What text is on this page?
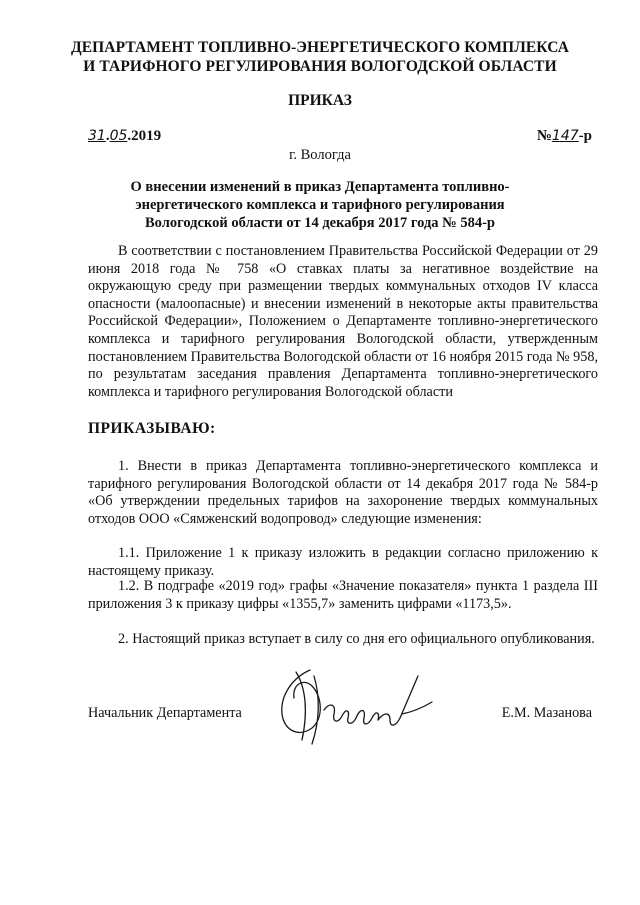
ДЕПАРТАМЕНТ ТОПЛИВНО-ЭНЕРГЕТИЧЕСКОГО КОМПЛЕКСА
И ТАРИФНОГО РЕГУЛИРОВАНИЯ ВОЛОГОДСКОЙ ОБЛАСТИ
ПРИКАЗ
31.05.2019	№147-р
г. Вологда
О внесении изменений в приказ Департамента топливно-энергетического комплекса и тарифного регулирования Вологодской области от 14 декабря 2017 года № 584-р
В соответствии с постановлением Правительства Российской Федерации от 29 июня 2018 года № 758 «О ставках платы за негативное воздействие на окружающую среду при размещении твердых коммунальных отходов IV класса опасности (малоопасные) и внесении изменений в некоторые акты правительства Российской Федерации», Положением о Департаменте топливно-энергетического комплекса и тарифного регулирования Вологодской области, утвержденным постановлением Правительства Вологодской области от 16 ноября 2015 года № 958, по результатам заседания правления Департамента топливно-энергетического комплекса и тарифного регулирования Вологодской области
ПРИКАЗЫВАЮ:
1. Внести в приказ Департамента топливно-энергетического комплекса и тарифного регулирования Вологодской области от 14 декабря 2017 года № 584-р «Об утверждении предельных тарифов на захоронение твердых коммунальных отходов ООО «Сямженский водопровод» следующие изменения:
1.1. Приложение 1 к приказу изложить в редакции согласно приложению к настоящему приказу.
1.2. В подграфе «2019 год» графы «Значение показателя» пункта 1 раздела III приложения 3 к приказу цифры «1355,7» заменить цифрами «1173,5».
2. Настоящий приказ вступает в силу со дня его официального опубликования.
Начальник Департамента	Е.М. Мазанова
